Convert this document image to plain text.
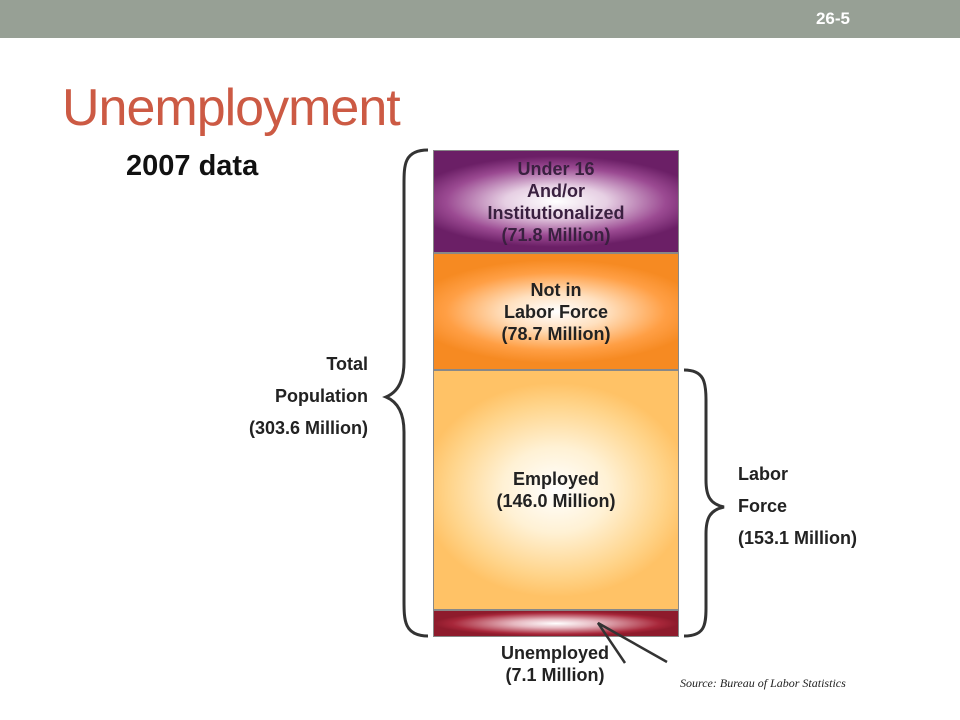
26-5
Unemployment
2007 data	Under 16
And/or
Institutionalized
(71.8 Million)
Not in
Labor Force
(78.7 Million)
Employed
(146.0 Million)
Total
Population
(303.6 Million)
Labor
Force
(153.1 Million)
Unemployed
(7.1 Million)	Source: Bureau of Labor Statistics
